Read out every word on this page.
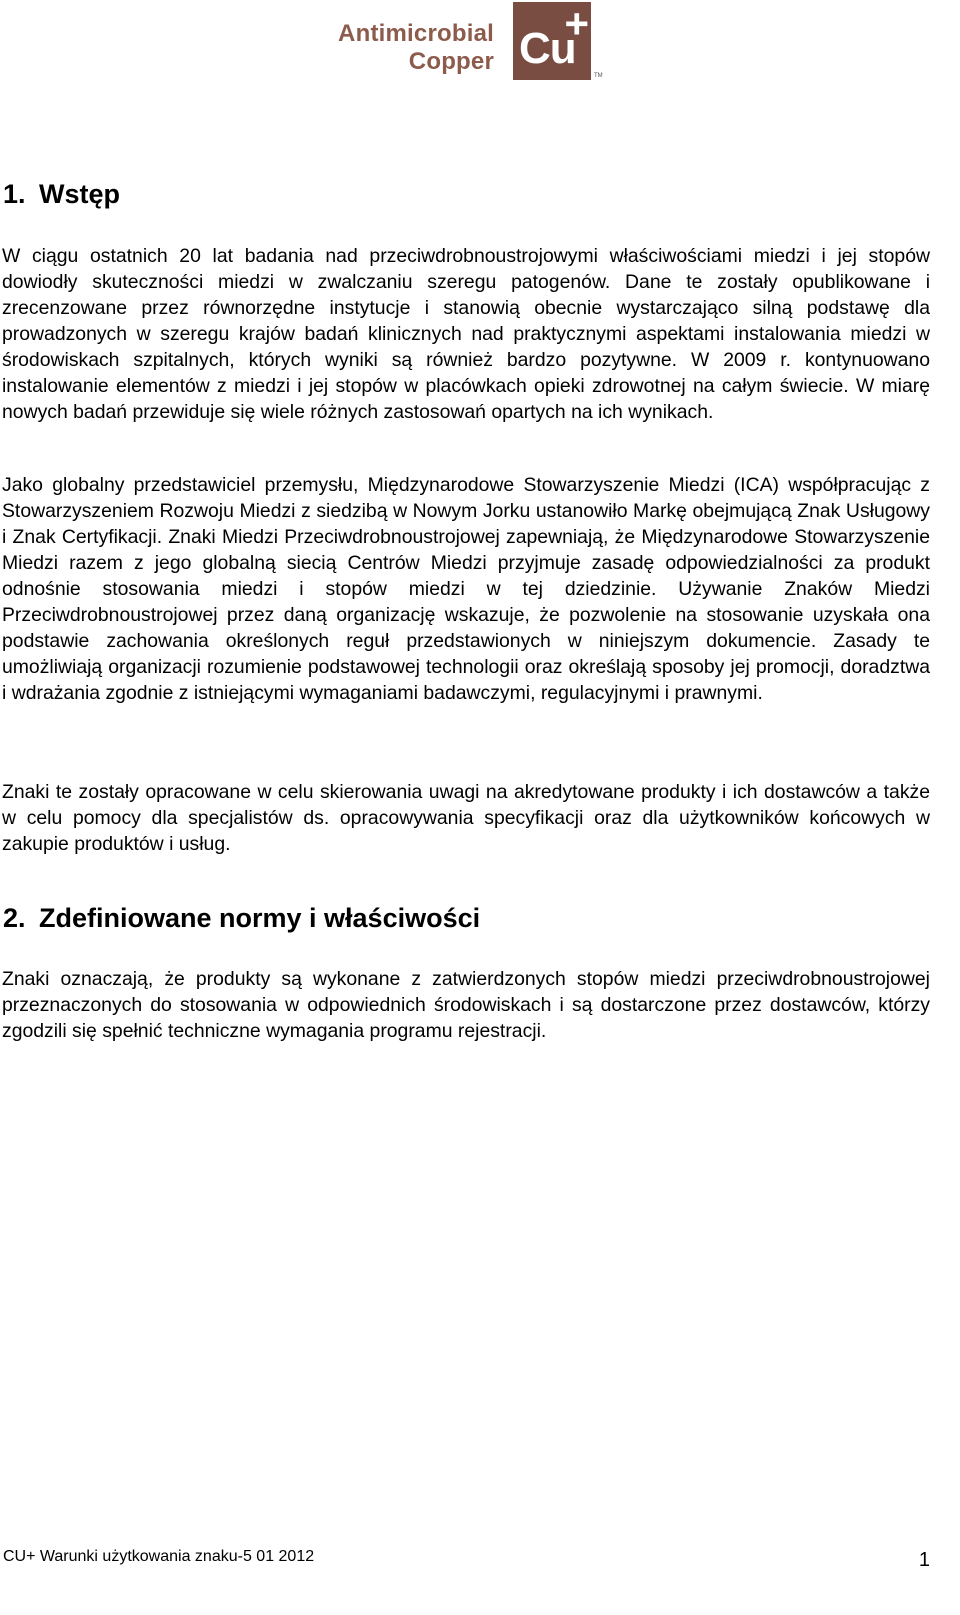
Antimicrobial
Copper Cu
+
TM
1. Wstęp

W ciągu ostatnich 20 lat badania nad przeciwdrobnoustrojowymi właściwościami miedzi i jej stopów dowiodły skuteczności miedzi w zwalczaniu szeregu patogenów. Dane te zostały opublikowane i zrecenzowane przez równorzędne instytucje i stanowią obecnie wystarczająco silną podstawę dla prowadzonych w szeregu krajów badań klinicznych nad praktycznymi aspektami instalowania miedzi w środowiskach szpitalnych, których wyniki są również bardzo pozytywne. W 2009 r. kontynuowano instalowanie elementów z miedzi i jej stopów w placówkach opieki zdrowotnej na całym świecie. W miarę nowych badań przewiduje się wiele różnych zastosowań opartych na ich wynikach.

Jako globalny przedstawiciel przemysłu, Międzynarodowe Stowarzyszenie Miedzi (ICA) współpracując z Stowarzyszeniem Rozwoju Miedzi z siedzibą w Nowym Jorku ustanowiło Markę obejmującą Znak Usługowy i Znak Certyfikacji. Znaki Miedzi Przeciwdrobnoustrojowej zapewniają, że Międzynarodowe Stowarzyszenie Miedzi razem z jego globalną siecią Centrów Miedzi przyjmuje zasadę odpowiedzialności za produkt odnośnie stosowania miedzi i stopów miedzi w tej dziedzinie. Używanie Znaków Miedzi Przeciwdrobnoustrojowej przez daną organizację wskazuje, że pozwolenie na stosowanie uzyskała ona podstawie zachowania określonych reguł przedstawionych w niniejszym dokumencie. Zasady te umożliwiają organizacji rozumienie podstawowej technologii oraz określają sposoby jej promocji, doradztwa i wdrażania zgodnie z istniejącymi wymaganiami badawczymi, regulacyjnymi i prawnymi.

Znaki te zostały opracowane w celu skierowania uwagi na akredytowane produkty i ich dostawców a także w celu pomocy dla specjalistów ds. opracowywania specyfikacji oraz dla użytkowników końcowych w zakupie produktów i usług.

2. Zdefiniowane normy i właściwości

Znaki oznaczają, że produkty są wykonane z zatwierdzonych stopów miedzi przeciwdrobnoustrojowej przeznaczonych do stosowania w odpowiednich środowiskach i są dostarczone przez dostawców, którzy zgodzili się spełnić techniczne wymagania programu rejestracji.

CU+ Warunki użytkowania znaku-5 01 2012	1
